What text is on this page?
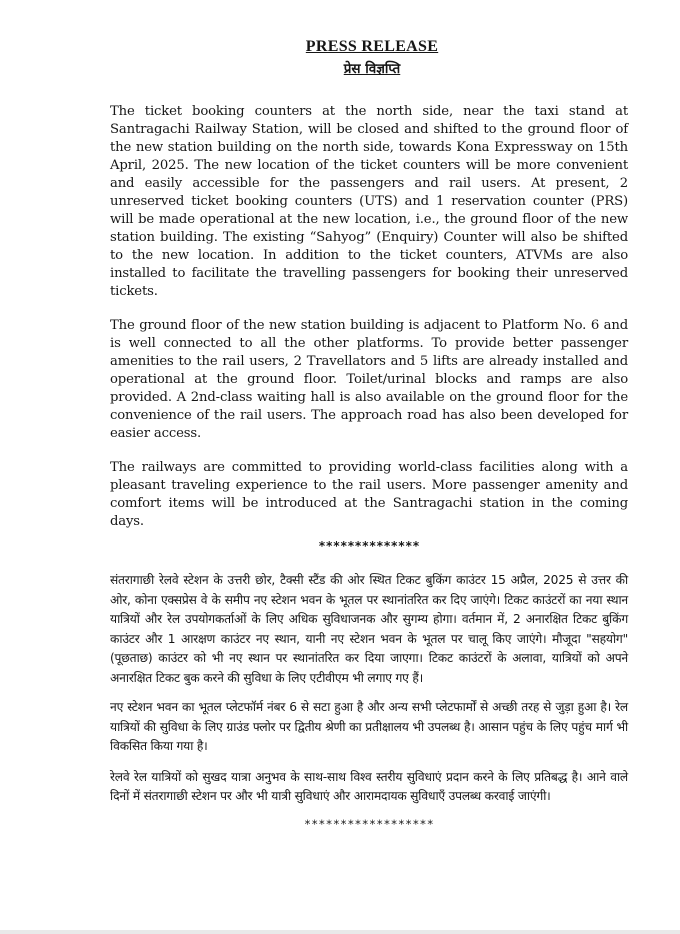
PRESS RELEASE
प्रेस विज्ञप्ति

The ticket booking counters at the north side, near the taxi stand at Santragachi Railway Station, will be closed and shifted to the ground floor of the new station building on the north side, towards Kona Expressway on 15th April, 2025. The new location of the ticket counters will be more convenient and easily accessible for the passengers and rail users. At present, 2 unreserved ticket booking counters (UTS) and 1 reservation counter (PRS) will be made operational at the new location, i.e., the ground floor of the new station building. The existing “Sahyog” (Enquiry) Counter will also be shifted to the new location. In addition to the ticket counters, ATVMs are also installed to facilitate the travelling passengers for booking their unreserved tickets.

The ground floor of the new station building is adjacent to Platform No. 6 and is well connected to all the other platforms. To provide better passenger amenities to the rail users, 2 Travellators and 5 lifts are already installed and operational at the ground floor. Toilet/urinal blocks and ramps are also provided. A 2nd-class waiting hall is also available on the ground floor for the convenience of the rail users. The approach road has also been developed for easier access.

The railways are committed to providing world-class facilities along with a pleasant traveling experience to the rail users. More passenger amenity and comfort items will be introduced at the Santragachi station in the coming days.

**************

संतरागाछी रेलवे स्टेशन के उत्तरी छोर, टैक्सी स्टैंड की ओर स्थित टिकट बुकिंग काउंटर 15 अप्रैल, 2025 से उत्तर की ओर, कोना एक्सप्रेस वे के समीप नए स्टेशन भवन के भूतल पर स्थानांतरित कर दिए जाएंगे। टिकट काउंटरों का नया स्थान यात्रियों और रेल उपयोगकर्ताओं के लिए अधिक सुविधाजनक और सुगम्य होगा। वर्तमान में, 2 अनारक्षित टिकट बुकिंग काउंटर और 1 आरक्षण काउंटर नए स्थान, यानी नए स्टेशन भवन के भूतल पर चालू किए जाएंगे। मौजूदा "सहयोग" (पूछताछ) काउंटर को भी नए स्थान पर स्थानांतरित कर दिया जाएगा। टिकट काउंटरों के अलावा, यात्रियों को अपने अनारक्षित टिकट बुक करने की सुविधा के लिए एटीवीएम भी लगाए गए हैं।

नए स्टेशन भवन का भूतल प्लेटफॉर्म नंबर 6 से सटा हुआ है और अन्य सभी प्लेटफार्मों से अच्छी तरह से जुड़ा हुआ है। रेल यात्रियों की सुविधा के लिए ग्राउंड फ्लोर पर द्वितीय श्रेणी का प्रतीक्षालय भी उपलब्ध है। आसान पहुंच के लिए पहुंच मार्ग भी विकसित किया गया है।

रेलवे रेल यात्रियों को सुखद यात्रा अनुभव के साथ-साथ विश्व स्तरीय सुविधाएं प्रदान करने के लिए प्रतिबद्ध है। आने वाले दिनों में संतरागाछी स्टेशन पर और भी यात्री सुविधाएं और आरामदायक सुविधाएँ उपलब्ध करवाई जाएंगी।

******************
